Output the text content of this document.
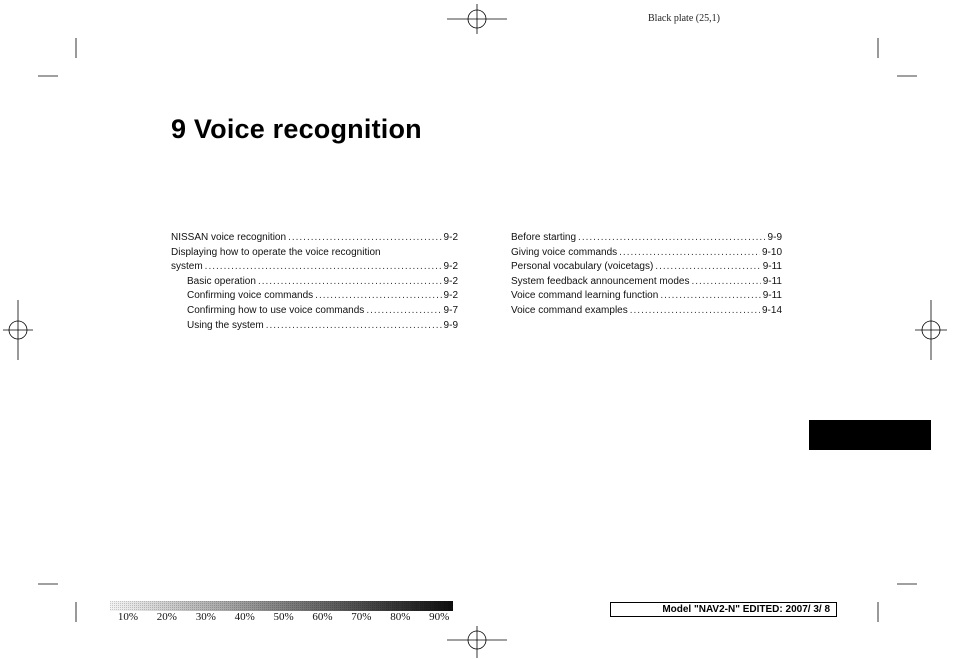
Black plate (25,1)
9 Voice recognition
NISSAN voice recognition .....	9-2
Displaying how to operate the voice recognition
system .....	9-2
Basic operation .....	9-2
Confirming voice commands .....	9-2
Confirming how to use voice commands .....	9-7
Using the system .....	9-9
Before starting .....	9-9
Giving voice commands .....	9-10
Personal vocabulary (voicetags) .....	9-11
System feedback announcement modes .....	9-11
Voice command learning function .....	9-11
Voice command examples .....	9-14
10%	20%	30%	40%	50%	60%	70%	80%	90%
Model "NAV2-N" EDITED: 2007/ 3/ 8
